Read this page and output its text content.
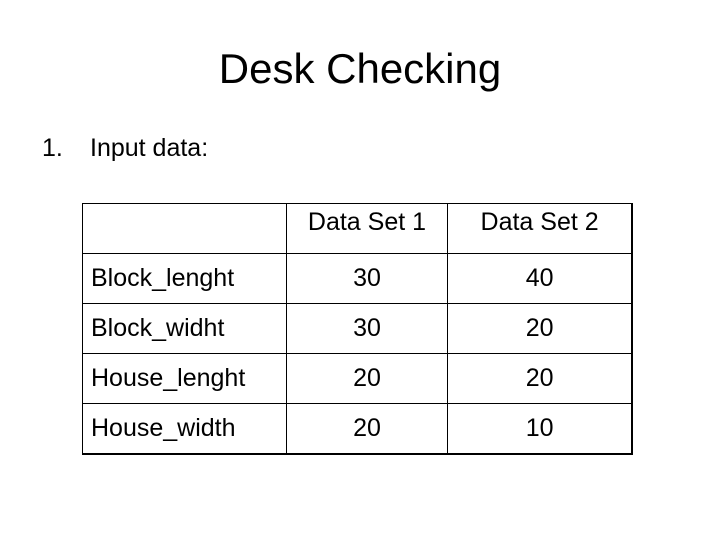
Desk Checking
1. Input data:
	Data Set 1	Data Set 2
Block_lenght	30	40
Block_widht	30	20
House_lenght	20	20
House_width	20	10
